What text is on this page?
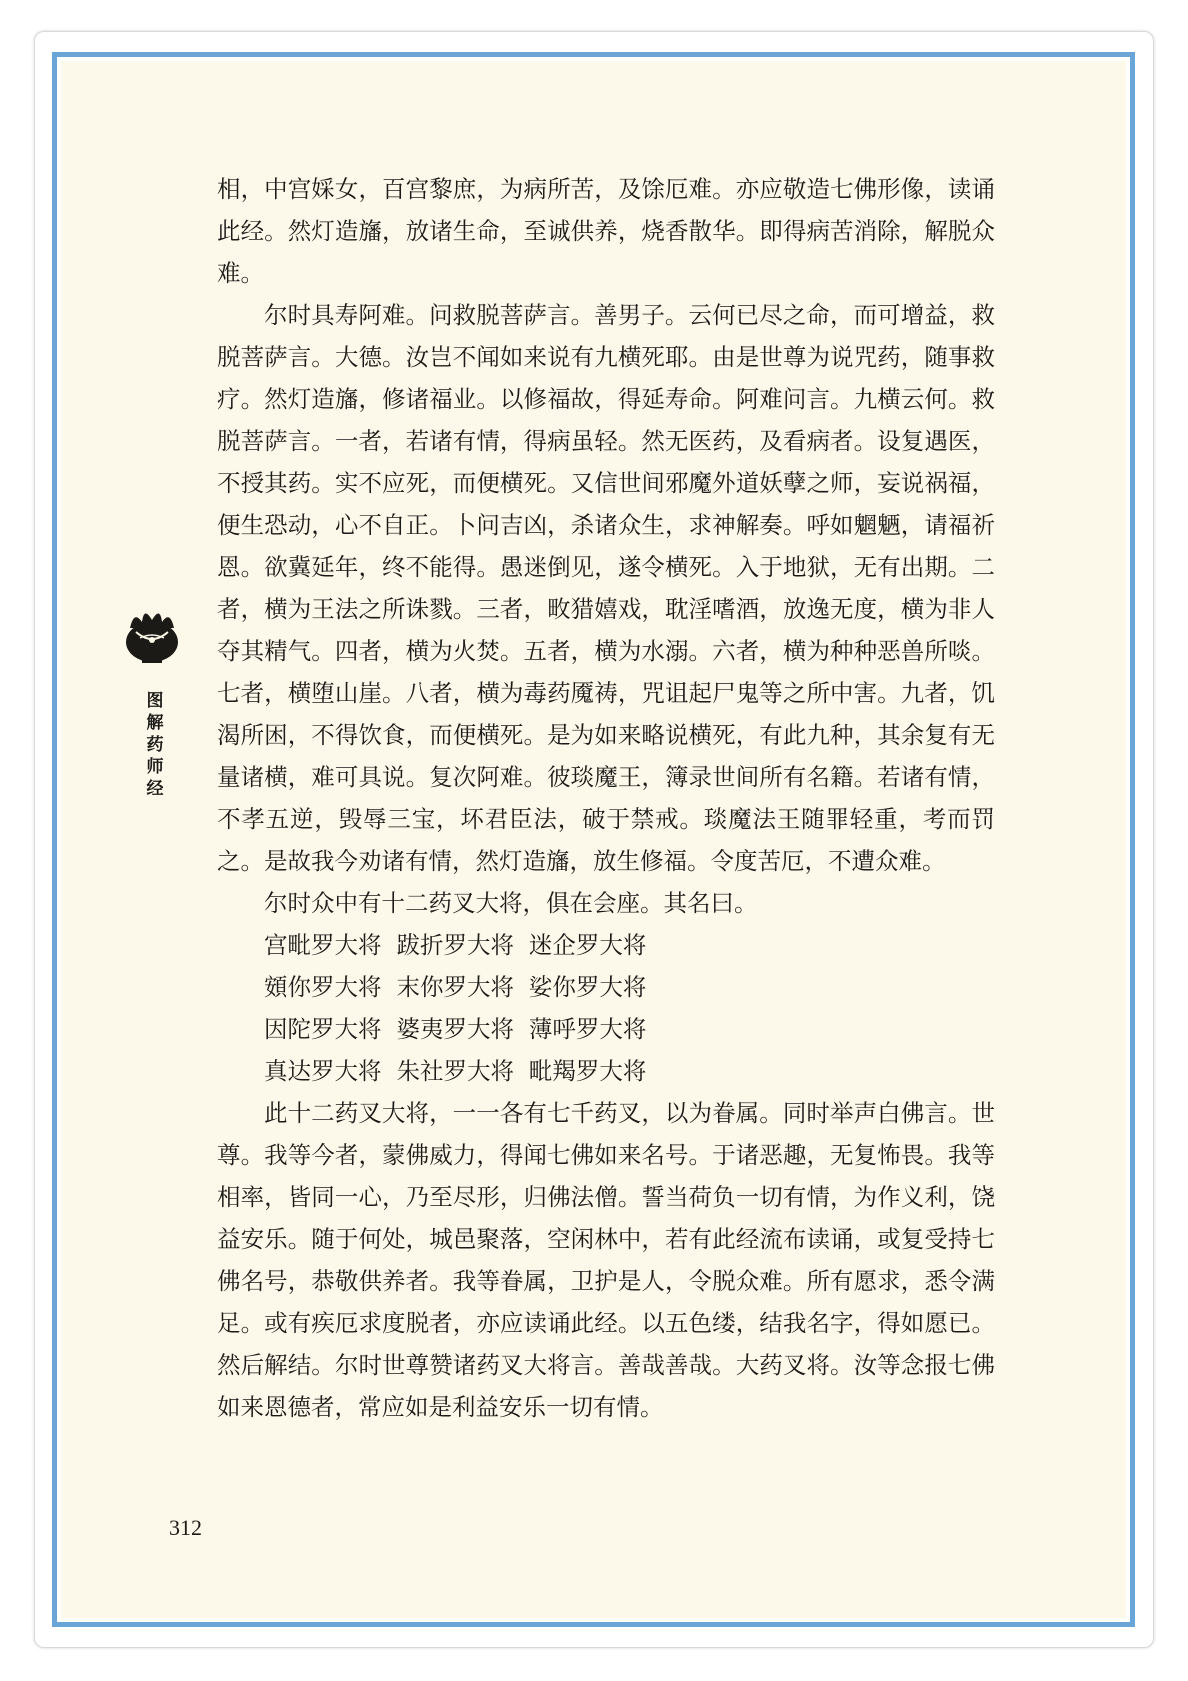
相，中宫婇女，百宫黎庶，为病所苦，及馀厄难。亦应敬造七佛形像，读诵此经。然灯造旛，放诸生命，至诚供养，烧香散华。即得病苦消除，解脱众难。

尔时具寿阿难。问救脱菩萨言。善男子。云何已尽之命，而可增益，救脱菩萨言。大德。汝岂不闻如来说有九横死耶。由是世尊为说咒药，随事救疗。然灯造旛，修诸福业。以修福故，得延寿命。阿难问言。九横云何。救脱菩萨言。一者，若诸有情，得病虽轻。然无医药，及看病者。设复遇医，不授其药。实不应死，而便横死。又信世间邪魔外道妖孽之师，妄说祸福，便生恐动，心不自正。卜问吉凶，杀诸众生，求神解奏。呼如魍魉，请福祈恩。欲冀延年，终不能得。愚迷倒见，遂令横死。入于地狱，无有出期。二者，横为王法之所诛戮。三者，畋猎嬉戏，耽淫嗜酒，放逸无度，横为非人夺其精气。四者，横为火焚。五者，横为水溺。六者，横为种种恶兽所啖。七者，横堕山崖。八者，横为毒药魇祷，咒诅起尸鬼等之所中害。九者，饥渴所困，不得饮食，而便横死。是为如来略说横死，有此九种，其余复有无量诸横，难可具说。复次阿难。彼琰魔王，簿录世间所有名籍。若诸有情，不孝五逆，毁辱三宝，坏君臣法，破于禁戒。琰魔法王随罪轻重，考而罚之。是故我今劝诸有情，然灯造旛，放生修福。令度苦厄，不遭众难。

尔时众中有十二药叉大将，俱在会座。其名曰。

宫毗罗大将 跋折罗大将 迷企罗大将
頞你罗大将 末你罗大将 娑你罗大将
因陀罗大将 婆夷罗大将 薄呼罗大将
真达罗大将 朱社罗大将 毗羯罗大将

此十二药叉大将，一一各有七千药叉，以为眷属。同时举声白佛言。世尊。我等今者，蒙佛威力，得闻七佛如来名号。于诸恶趣，无复怖畏。我等相率，皆同一心，乃至尽形，归佛法僧。誓当荷负一切有情，为作义利，饶益安乐。随于何处，城邑聚落，空闲林中，若有此经流布读诵，或复受持七佛名号，恭敬供养者。我等眷属，卫护是人，令脱众难。所有愿求，悉令满足。或有疾厄求度脱者，亦应读诵此经。以五色缕，结我名字，得如愿已。然后解结。尔时世尊赞诸药叉大将言。善哉善哉。大药叉将。汝等念报七佛如来恩德者，常应如是利益安乐一切有情。

图
解
药
师
经
312
